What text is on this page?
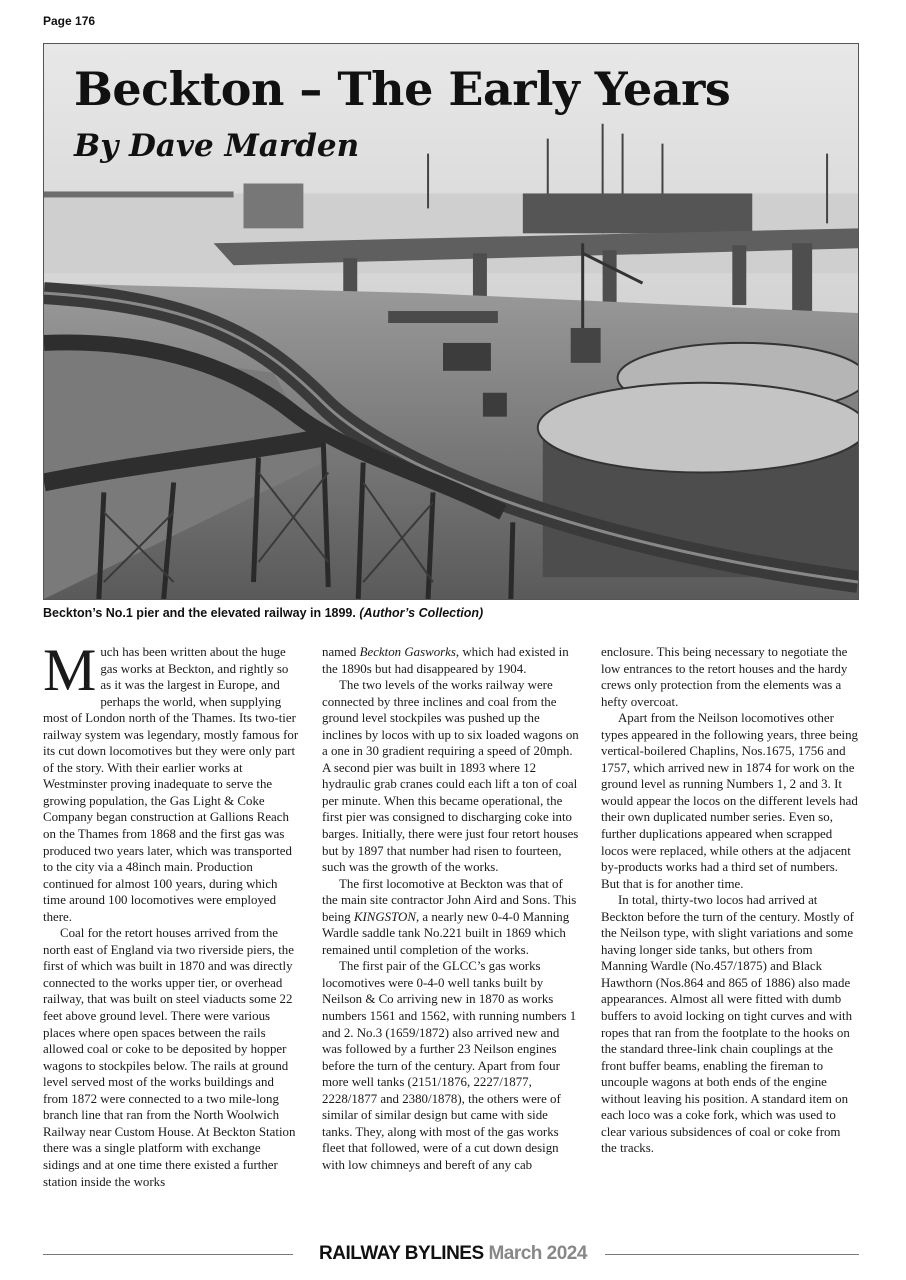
Page 176
Beckton – The Early Years
By Dave Marden
Beckton’s No.1 pier and the elevated railway in 1899. (Author’s Collection)

Much has been written about the huge gas works at Beckton, and rightly so as it was the largest in Europe, and perhaps the world, when supplying most of London north of the Thames. Its two-tier railway system was legendary, mostly famous for its cut down locomotives but they were only part of the story. With their earlier works at Westminster proving inadequate to serve the growing population, the Gas Light & Coke Company began construction at Gallions Reach on the Thames from 1868 and the first gas was produced two years later, which was transported to the city via a 48inch main. Production continued for almost 100 years, during which time around 100 locomotives were employed there.

Coal for the retort houses arrived from the north east of England via two riverside piers, the first of which was built in 1870 and was directly connected to the works upper tier, or overhead railway, that was built on steel viaducts some 22 feet above ground level. There were various places where open spaces between the rails allowed coal or coke to be deposited by hopper wagons to stockpiles below. The rails at ground level served most of the works buildings and from 1872 were connected to a two mile-long branch line that ran from the North Woolwich Railway near Custom House. At Beckton Station there was a single platform with exchange sidings and at one time there existed a further station inside the works

named Beckton Gasworks, which had existed in the 1890s but had disappeared by 1904.

The two levels of the works railway were connected by three inclines and coal from the ground level stockpiles was pushed up the inclines by locos with up to six loaded wagons on a one in 30 gradient requiring a speed of 20mph. A second pier was built in 1893 where 12 hydraulic grab cranes could each lift a ton of coal per minute. When this became operational, the first pier was consigned to discharging coke into barges. Initially, there were just four retort houses but by 1897 that number had risen to fourteen, such was the growth of the works.

The first locomotive at Beckton was that of the main site contractor John Aird and Sons. This being KINGSTON, a nearly new 0-4-0 Manning Wardle saddle tank No.221 built in 1869 which remained until completion of the works.

The first pair of the GLCC’s gas works locomotives were 0-4-0 well tanks built by Neilson & Co arriving new in 1870 as works numbers 1561 and 1562, with running numbers 1 and 2. No.3 (1659/1872) also arrived new and was followed by a further 23 Neilson engines before the turn of the century. Apart from four more well tanks (2151/1876, 2227/1877, 2228/1877 and 2380/1878), the others were of similar of similar design but came with side tanks. They, along with most of the gas works fleet that followed, were of a cut down design with low chimneys and bereft of any cab

enclosure. This being necessary to negotiate the low entrances to the retort houses and the hardy crews only protection from the elements was a hefty overcoat.

Apart from the Neilson locomotives other types appeared in the following years, three being vertical-boilered Chaplins, Nos.1675, 1756 and 1757, which arrived new in 1874 for work on the ground level as running Numbers 1, 2 and 3. It would appear the locos on the different levels had their own duplicated number series. Even so, further duplications appeared when scrapped locos were replaced, while others at the adjacent by-products works had a third set of numbers. But that is for another time.

In total, thirty-two locos had arrived at Beckton before the turn of the century. Mostly of the Neilson type, with slight variations and some having longer side tanks, but others from Manning Wardle (No.457/1875) and Black Hawthorn (Nos.864 and 865 of 1886) also made appearances. Almost all were fitted with dumb buffers to avoid locking on tight curves and with ropes that ran from the footplate to the hooks on the standard three-link chain couplings at the front buffer beams, enabling the fireman to uncouple wagons at both ends of the engine without leaving his position. A standard item on each loco was a coke fork, which was used to clear various subsidences of coal or coke from the tracks.

RAILWAY BYLINES March 2024
